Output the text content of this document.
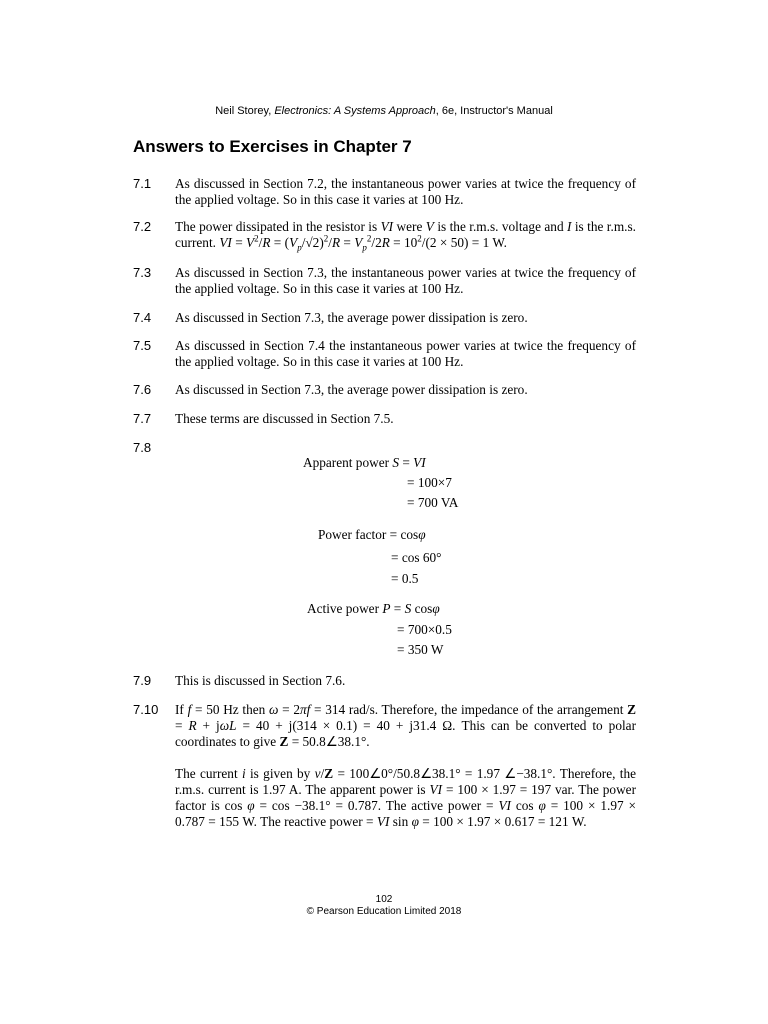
Neil Storey, Electronics: A Systems Approach, 6e, Instructor's Manual
Answers to Exercises in Chapter 7
7.1 As discussed in Section 7.2, the instantaneous power varies at twice the frequency of the applied voltage. So in this case it varies at 100 Hz.
7.2 The power dissipated in the resistor is VI were V is the r.m.s. voltage and I is the r.m.s. current. VI = $V^2/R = (V_p/√2)^2/R = V_p^2/2R = 10^2/(2 \times 50) = 1$ W.
7.3 As discussed in Section 7.3, the instantaneous power varies at twice the frequency of the applied voltage. So in this case it varies at 100 Hz.
7.4 As discussed in Section 7.3, the average power dissipation is zero.
7.5 As discussed in Section 7.4 the instantaneous power varies at twice the frequency of the applied voltage. So in this case it varies at 100 Hz.
7.6 As discussed in Section 7.3, the average power dissipation is zero.
7.7 These terms are discussed in Section 7.5.
7.8
Apparent power S = VI
= 100×7
= 700 VA
Power factor = cosφ
= cos 60°
= 0.5
Active power P = S cosφ
= 700×0.5
= 350 W
7.9 This is discussed in Section 7.6.
7.10 If f = 50 Hz then ω = 2πf = 314 rad/s. Therefore, the impedance of the arrangement Z = R + jωL = 40 + j(314 × 0.1) = 40 + j31.4 Ω. This can be converted to polar coordinates to give Z = 50.8∠38.1°.

The current i is given by v/Z = 100∠0°/50.8∠38.1° = 1.97 ∠−38.1°. Therefore, the r.m.s. current is 1.97 A. The apparent power is VI = 100 × 1.97 = 197 var. The power factor is cos φ = cos −38.1° = 0.787. The active power = VI cos φ = 100 × 1.97 × 0.787 = 155 W. The reactive power = VI sin φ = 100 × 1.97 × 0.617 = 121 W.

102
© Pearson Education Limited 2018
